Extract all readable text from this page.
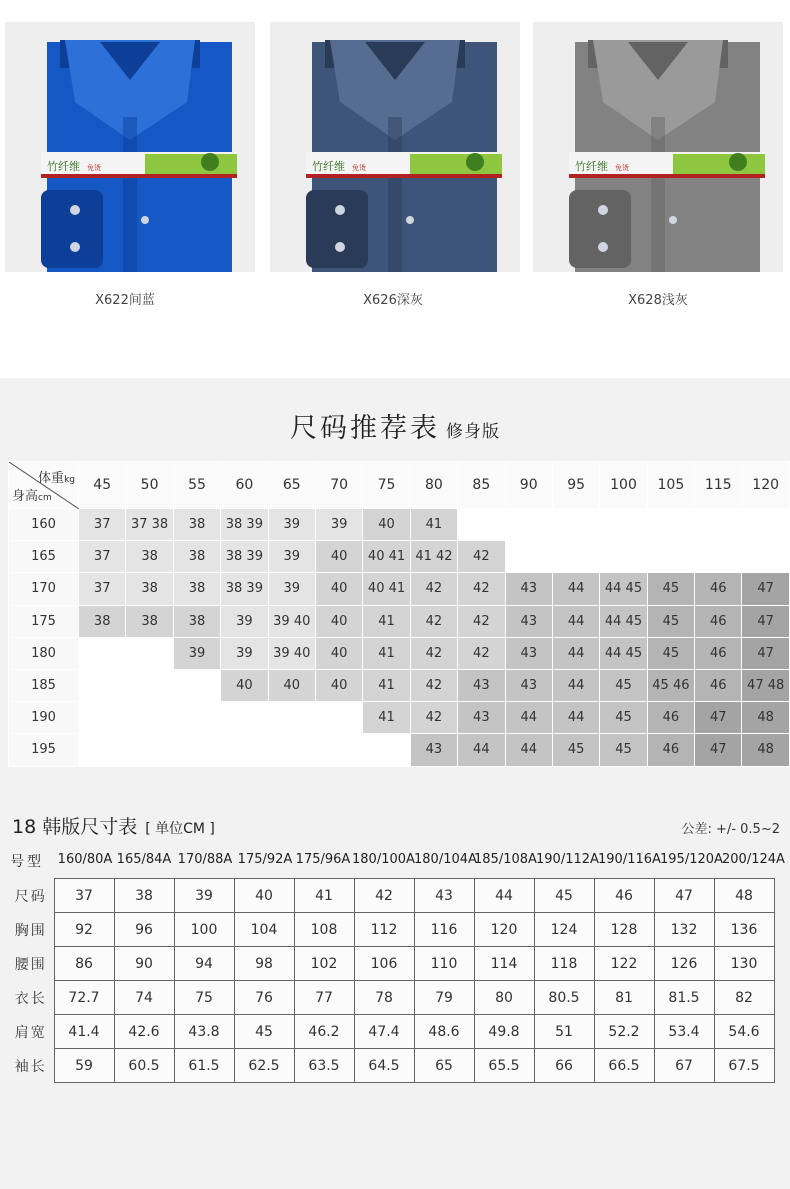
竹纤维 免烫
X622间蓝
竹纤维 免烫
X626深灰
竹纤维 免烫
X628浅灰
尺码推荐表 修身版
体重kg
身高cm	45	50	55	60	65	70	75	80	85	90	95	100	105	115	120
160	37	37 38	38	38 39	39	39	40	41							
165	37	38	38	38 39	39	40	40 41	41 42	42						
170	37	38	38	38 39	39	40	40 41	42	42	43	44	44 45	45	46	47
175	38	38	38	39	39 40	40	41	42	42	43	44	44 45	45	46	47
180			39	39	39 40	40	41	42	42	43	44	44 45	45	46	47
185				40	40	40	41	42	43	43	44	45	45 46	46	47 48
190							41	42	43	44	44	45	46	47	48
195								43	44	44	45	45	46	47	48
18 韩版尺寸表 [ 单位CM ]	公差: +/- 0.5~2
号型 160/80A 165/84A 170/88A 175/92A 175/96A 180/100A180/104A185/108A190/112A190/116A195/120A200/124A
尺码	37	38	39	40	41	42	43	44	45	46	47	48
胸围	92	96	100	104	108	112	116	120	124	128	132	136
腰围	86	90	94	98	102	106	110	114	118	122	126	130
衣长	72.7	74	75	76	77	78	79	80	80.5	81	81.5	82
肩宽	41.4	42.6	43.8	45	46.2	47.4	48.6	49.8	51	52.2	53.4	54.6
袖长	59	60.5	61.5	62.5	63.5	64.5	65	65.5	66	66.5	67	67.5
